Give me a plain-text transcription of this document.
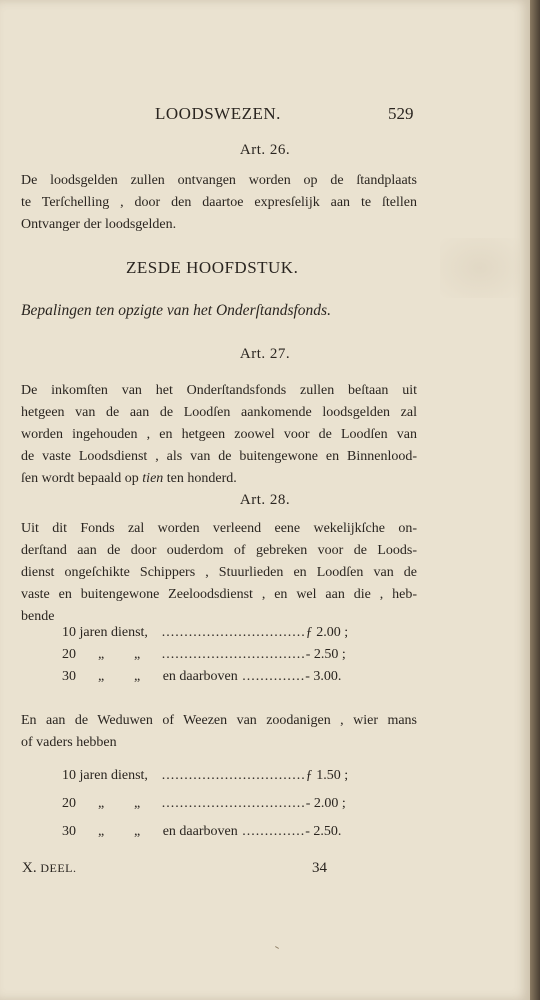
LOODSWEZEN.	529

Art. 26.

De loodsgelden zullen ontvangen worden op de ſtandplaats
te Terſchelling , door den daartoe expresſelijk aan te ſtellen
Ontvanger der loodsgelden.

ZESDE HOOFDSTUK.

Bepalingen ten opzigte van het Onderſtandsfonds.

Art. 27.

De inkomſten van het Onderſtandsfonds zullen beſtaan uit
hetgeen van de aan de Loodſen aankomende loodsgelden zal
worden ingehouden , en hetgeen zoowel voor de Loodſen van
de vaste Loodsdienst , als van de buitengewone en Binnenlood-
ſen wordt bepaald op tien ten honderd.

Art. 28.

Uit dit Fonds zal worden verleend eene wekelijkſche on-
derſtand aan de door ouderdom of gebreken voor de Loods-
dienst ongeſchikte Schippers , Stuurlieden en Loodſen van de
vaste en buitengewone Zeeloodsdienst , en wel aan die , heb-
bende
10 jaren dienst, ................................ ƒ 2.00 ;
20 „ „	................................ - 2.50 ;
30 „ „	en daarboven .............. - 3.00.
En aan de Weduwen of Weezen van zoodanigen , wier mans
of vaders hebben
10 jaren dienst, ................................ ƒ 1.50 ;
20 „ „	................................ - 2.00 ;
30 „ „	en daarboven .............. - 2.50.

X. DEEL.	34
